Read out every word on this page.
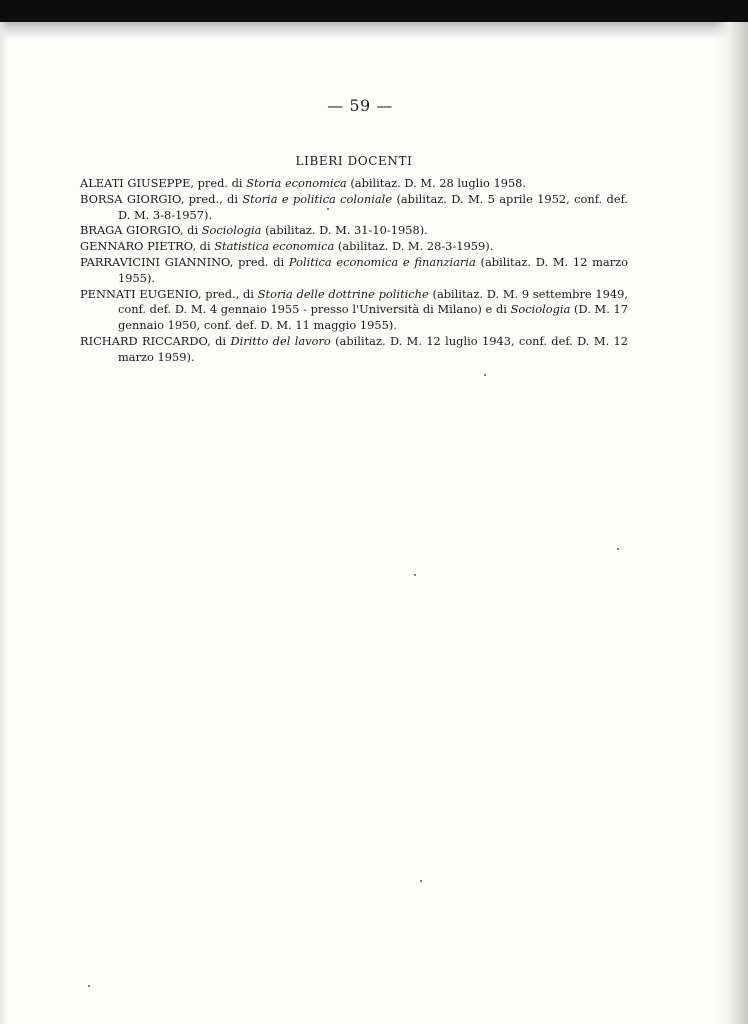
— 59 —
LIBERI DOCENTI
ALEATI GIUSEPPE, pred. di Storia economica (abilitaz. D. M. 28 luglio 1958.
BORSA GIORGIO, pred., di Storia e politica coloniale (abilitaz. D. M. 5 aprile 1952, conf. def. D. M. 3-8-1957).
BRAGA GIORGIO, di Sociologia (abilitaz. D. M. 31-10-1958).
GENNARO PIETRO, di Statistica economica (abilitaz. D. M. 28-3-1959).
PARRAVICINI GIANNINO, pred. di Politica economica e finanziaria (abilitaz. D. M. 12 marzo 1955).
PENNATI EUGENIO, pred., di Storia delle dottrine politiche (abilitaz. D. M. 9 settembre 1949, conf. def. D. M. 4 gennaio 1955 - presso l'Università di Milano) e di Sociologia (D. M. 17 gennaio 1950, conf. def. D. M. 11 maggio 1955).
RICHARD RICCARDO, di Diritto del lavoro (abilitaz. D. M. 12 luglio 1943, conf. def. D. M. 12 marzo 1959).
